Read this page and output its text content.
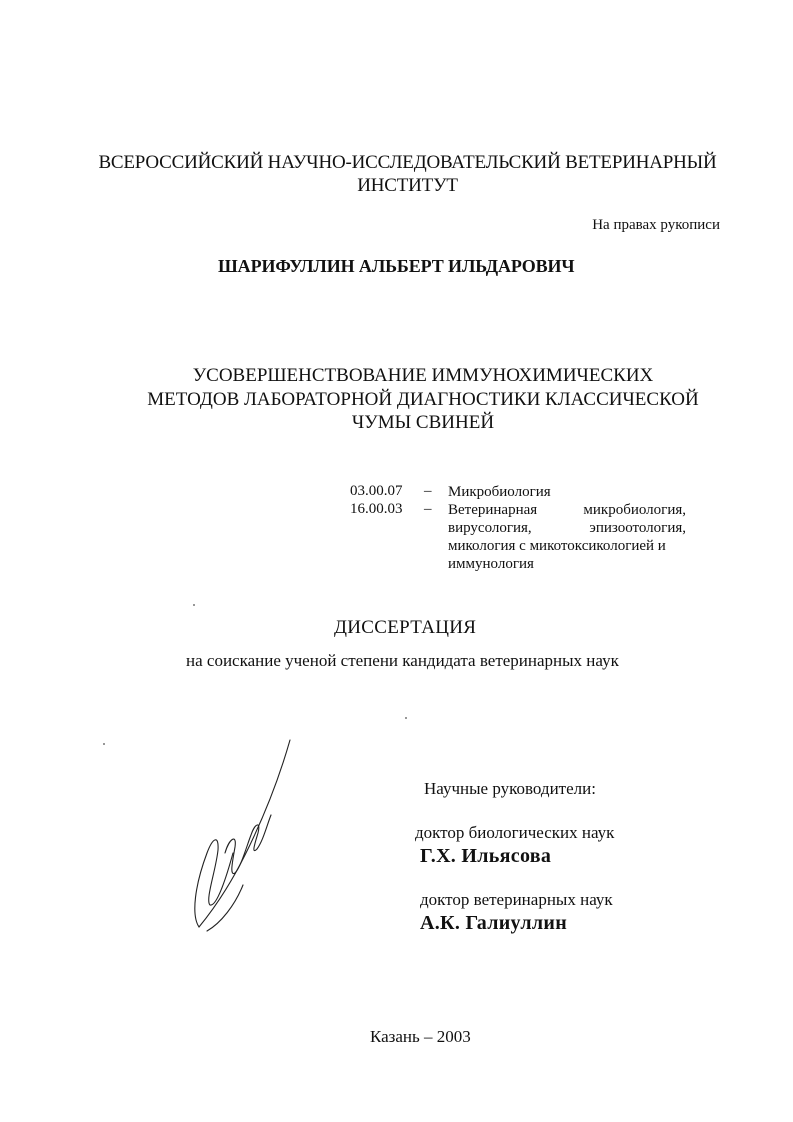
ВСЕРОССИЙСКИЙ НАУЧНО-ИССЛЕДОВАТЕЛЬСКИЙ ВЕТЕРИНАРНЫЙ
ИНСТИТУТ
На правах рукописи
ШАРИФУЛЛИН АЛЬБЕРТ ИЛЬДАРОВИЧ
УСОВЕРШЕНСТВОВАНИЕ ИММУНОХИМИЧЕСКИХ
МЕТОДОВ ЛАБОРАТОРНОЙ ДИАГНОСТИКИ КЛАССИЧЕСКОЙ
ЧУМЫ СВИНЕЙ
03.00.07 – Микробиология
16.00.03 – Ветеринарная микробиология,
вирусология, эпизоотология,
микология с микотоксикологией и
иммунология
ДИССЕРТАЦИЯ
на соискание ученой степени кандидата ветеринарных наук
Научные руководители:
доктор биологических наук
Г.Х. Ильясова
доктор ветеринарных наук
А.К. Галиуллин
Казань – 2003
